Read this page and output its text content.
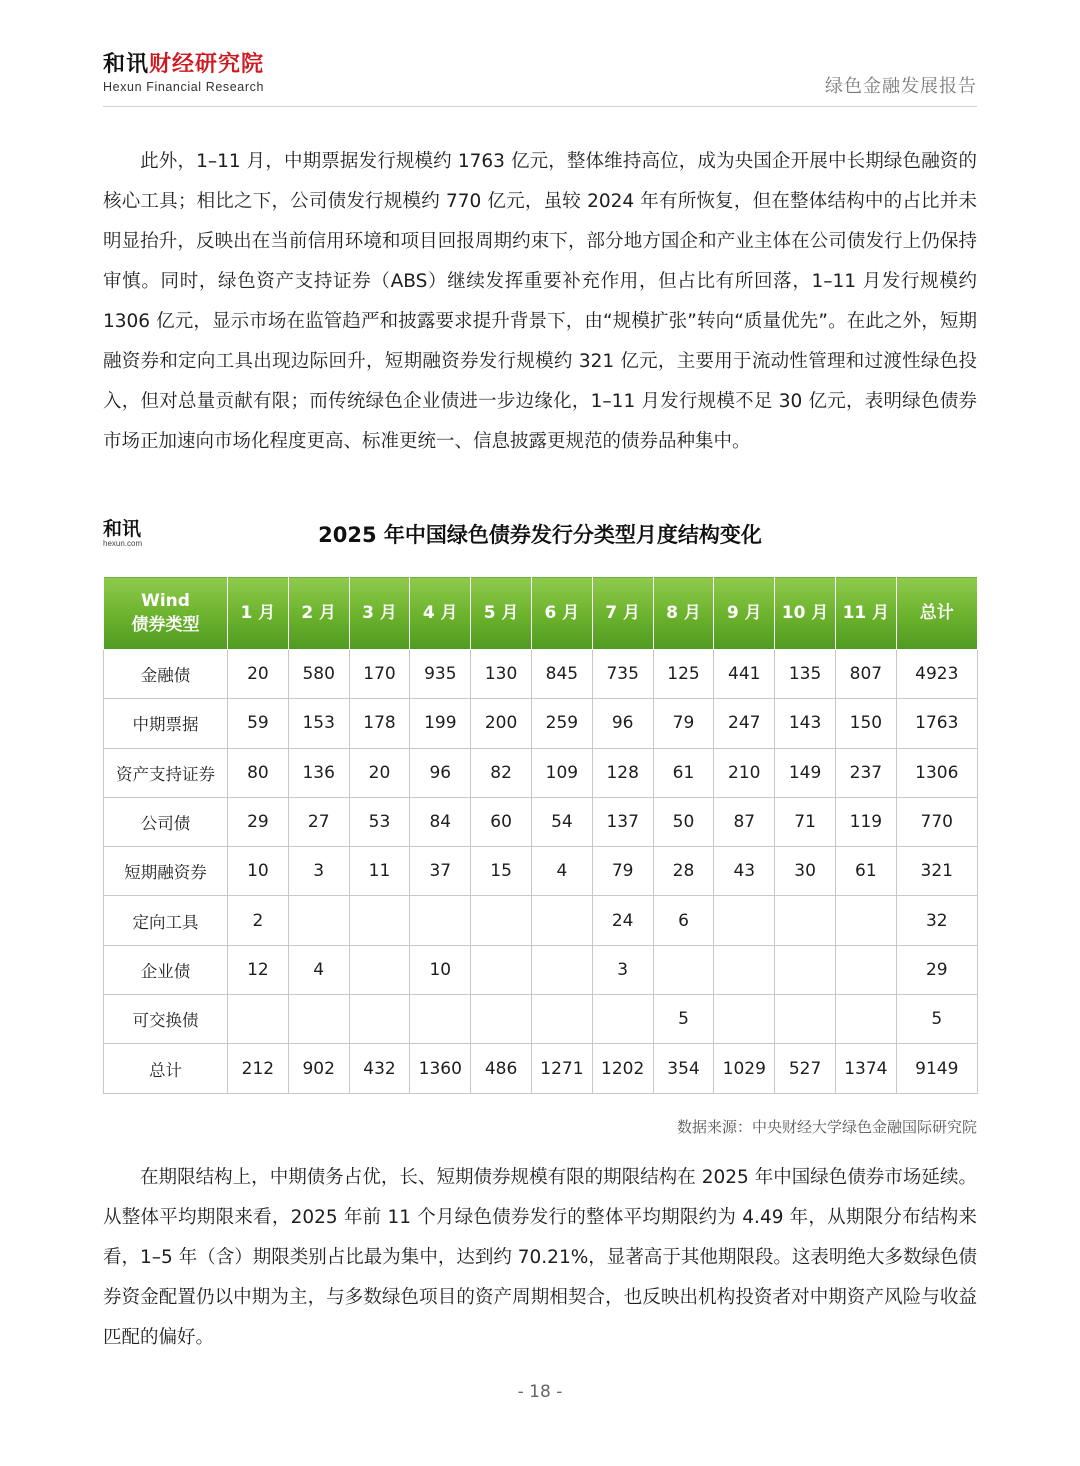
和讯财经研究院
Hexun Financial Research	绿色金融发展报告

此外，1–11 月，中期票据发行规模约 1763 亿元，整体维持高位，成为央国企开展中长期绿色融资的核心工具；相比之下，公司债发行规模约 770 亿元，虽较 2024 年有所恢复，但在整体结构中的占比并未明显抬升，反映出在当前信用环境和项目回报周期约束下，部分地方国企和产业主体在公司债发行上仍保持审慎。同时，绿色资产支持证券（ABS）继续发挥重要补充作用，但占比有所回落，1–11 月发行规模约 1306 亿元，显示市场在监管趋严和披露要求提升背景下，由“规模扩张”转向“质量优先”。在此之外，短期融资券和定向工具出现边际回升，短期融资券发行规模约 321 亿元，主要用于流动性管理和过渡性绿色投入，但对总量贡献有限；而传统绿色企业债进一步边缘化，1–11 月发行规模不足 30 亿元，表明绿色债券市场正加速向市场化程度更高、标准更统一、信息披露更规范的债券品种集中。

和讯
hexun.com	2025 年中国绿色债券发行分类型月度结构变化
Wind
债券类型	1 月	2 月	3 月	4 月	5 月	6 月	7 月	8 月	9 月	10 月	11 月	总计
金融债	20	580	170	935	130	845	735	125	441	135	807	4923
中期票据	59	153	178	199	200	259	96	79	247	143	150	1763
资产支持证券	80	136	20	96	82	109	128	61	210	149	237	1306
公司债	29	27	53	84	60	54	137	50	87	71	119	770
短期融资券	10	3	11	37	15	4	79	28	43	30	61	321
定向工具	2						24	6				32
企业债	12	4		10			3					29
可交换债								5				5
总计	212	902	432	1360	486	1271	1202	354	1029	527	1374	9149
数据来源：中央财经大学绿色金融国际研究院

在期限结构上，中期债务占优，长、短期债券规模有限的期限结构在 2025 年中国绿色债券市场延续。从整体平均期限来看，2025 年前 11 个月绿色债券发行的整体平均期限约为 4.49 年，从期限分布结构来看，1–5 年（含）期限类别占比最为集中，达到约 70.21%，显著高于其他期限段。这表明绝大多数绿色债券资金配置仍以中期为主，与多数绿色项目的资产周期相契合，也反映出机构投资者对中期资产风险与收益匹配的偏好。

- 18 -
